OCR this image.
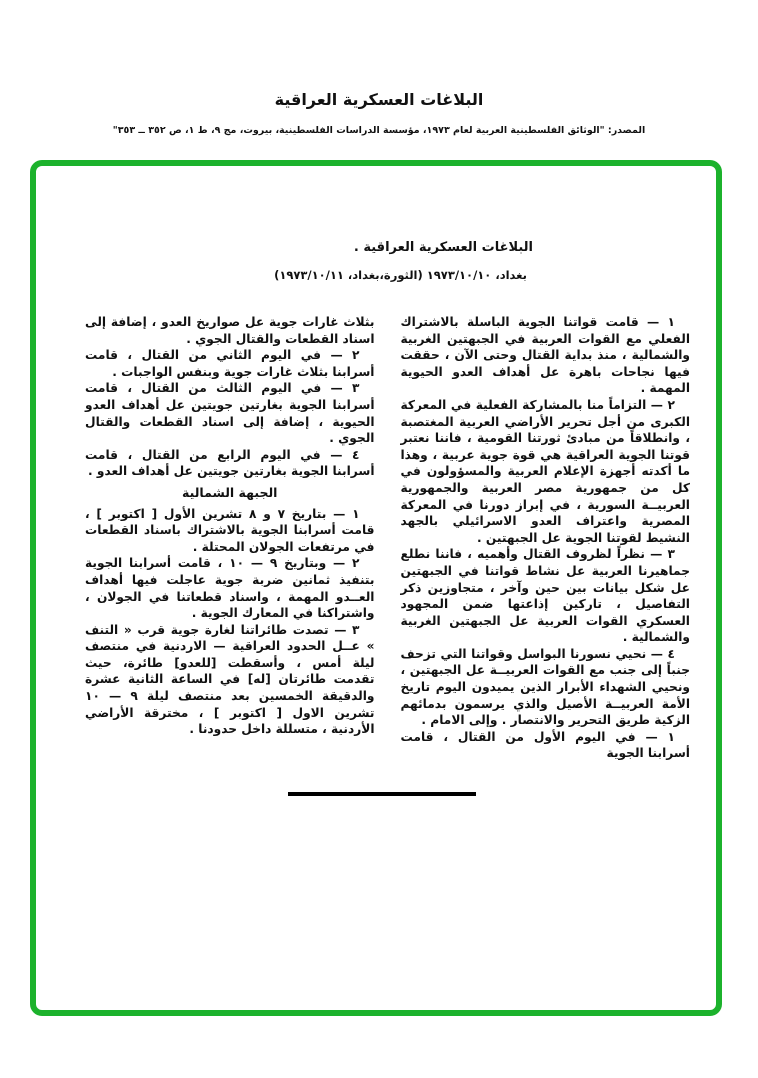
البلاغات العسكرية العراقية
المصدر: "الوثائق الفلسطينية العربية لعام ١٩٧٣، مؤسسة الدراسات الفلسطينية، بيروت، مج ٩، ط ١، ص ٣٥٢ ــ ٣٥٣"
البلاغات العسكرية العراقية .
بغداد، ١٩٧٣/١٠/١٠ (الثورة،بغداد، ١٩٧٣/١٠/١١)

١ — قامت قواتنا الجوية الباسلة بالاشتراك الفعلي مع القوات العربية في الجبهتين الغربية والشمالية ، منذ بداية القتال وحتى الآن ، حققت فيها نجاحات باهرة عل أهداف العدو الحيوية المهمة .

٢ — التزاماً منا بالمشاركة الفعلية في المعركة الكبرى من أجل تحرير الأراضي العربية المغتصبة ، وانطلاقاً من مبادئ ثورتنا القومية ، فاننا نعتبر قوتنا الجوية العراقية هي قوة جوية عربية ، وهذا ما أكدته أجهزة الإعلام العربية والمسؤولون في كل من جمهورية مصر العربية والجمهورية العربيــة السورية ، في إبراز دورنا في المعركة المصرية واعتراف العدو الاسرائيلي بالجهد النشيط لقوتنا الجوية عل الجبهتين .

٣ — نظراً لظروف القتال وأهميه ، فاننا نطلع جماهيرنا العربية عل نشاط قواتنا في الجبهتين عل شكل بيانات بين حين وآخر ، متجاوزين ذكر التفاصيل ، تاركين إذاعتها ضمن المجهود العسكري القوات العربية عل الجبهتين الغربية والشمالية .

٤ — نحيي نسورنا البواسل وقواتنا التي تزحف جنباً إلى جنب مع القوات العربيــة عل الجبهتين ، ونحيي الشهداء الأبرار الذين يميدون اليوم تاريخ الأمة العربيــة الأصيل والذي يرسمون بدمائهم الزكية طريق التحرير والانتصار . وإلى الامام .

١ — في اليوم الأول من القتال ، قامت أسرابنا الجوية

بثلاث غارات جوية عل صواريخ العدو ، إضافة إلى اسناد القطعات والقتال الجوي .

٢ — في اليوم الثاني من القتال ، قامت أسرابنا بثلاث غارات جوية وبنفس الواجبات .

٣ — في اليوم الثالث من القتال ، قامت أسرابنا الجوية بغارتين جويتين عل أهداف العدو الحيوية ، إضافة إلى اسناد القطعات والقتال الجوي .

٤ — في اليوم الرابع من القتال ، قامت أسرابنا الجوية بغارتين جويتين عل أهداف العدو .

الجبهة الشمالية

١ — بتاريخ ٧ و ٨ تشرين الأول [ اكتوبر ] ، قامت أسرابنا الجوية بالاشتراك باسناد القطعات في مرتفعات الجولان المحتلة .

٢ — وبتاريخ ٩ — ١٠ ، قامت أسرابنا الجوية بتنفيذ ثمانين ضربة جوية عاجلت فيها أهداف العــدو المهمة ، واسناد قطعاتنا في الجولان ، واشتراكنا في المعارك الجوية .

٣ — تصدت طائراتنا لغارة جوية قرب « التنف » عــل الحدود العراقية — الاردنية في منتصف ليلة أمس ، وأسقطت [للعدو] طائرة، حيث تقدمت طائرتان [له] في الساعة الثانية عشرة والدقيقة الخمسين بعد منتصف ليلة ٩ — ١٠ تشرين الاول [ اكتوبر ] ، مخترقة الأراضي الأردنية ، متسللة داخل حدودنا .
